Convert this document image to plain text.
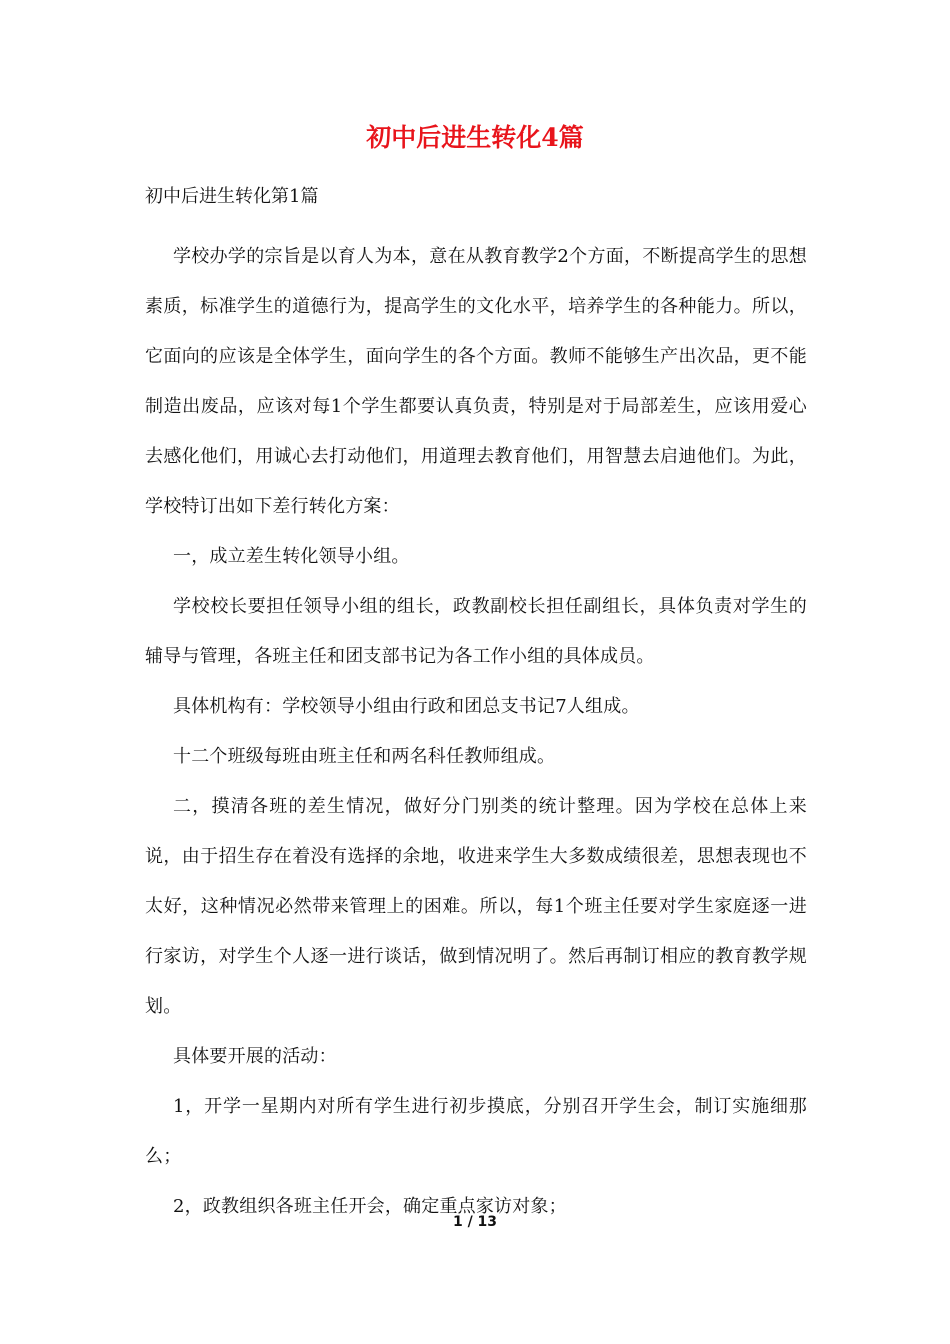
初中后进生转化4篇

初中后进生转化第1篇

学校办学的宗旨是以育人为本，意在从教育教学2个方面，不断提高学生的思想素质，标准学生的道德行为，提高学生的文化水平，培养学生的各种能力。所以，它面向的应该是全体学生，面向学生的各个方面。教师不能够生产出次品，更不能制造出废品，应该对每1个学生都要认真负责，特别是对于局部差生，应该用爱心去感化他们，用诚心去打动他们，用道理去教育他们，用智慧去启迪他们。为此，学校特订出如下差行转化方案：

一，成立差生转化领导小组。

学校校长要担任领导小组的组长，政教副校长担任副组长，具体负责对学生的辅导与管理，各班主任和团支部书记为各工作小组的具体成员。

具体机构有：学校领导小组由行政和团总支书记7人组成。

十二个班级每班由班主任和两名科任教师组成。

二，摸清各班的差生情况，做好分门别类的统计整理。因为学校在总体上来说，由于招生存在着没有选择的余地，收进来学生大多数成绩很差，思想表现也不太好，这种情况必然带来管理上的困难。所以，每1个班主任要对学生家庭逐一进行家访，对学生个人逐一进行谈话，做到情况明了。然后再制订相应的教育教学规划。

具体要开展的活动：

1，开学一星期内对所有学生进行初步摸底，分别召开学生会，制订实施细那么；

2，政教组织各班主任开会，确定重点家访对象；

1 / 13
